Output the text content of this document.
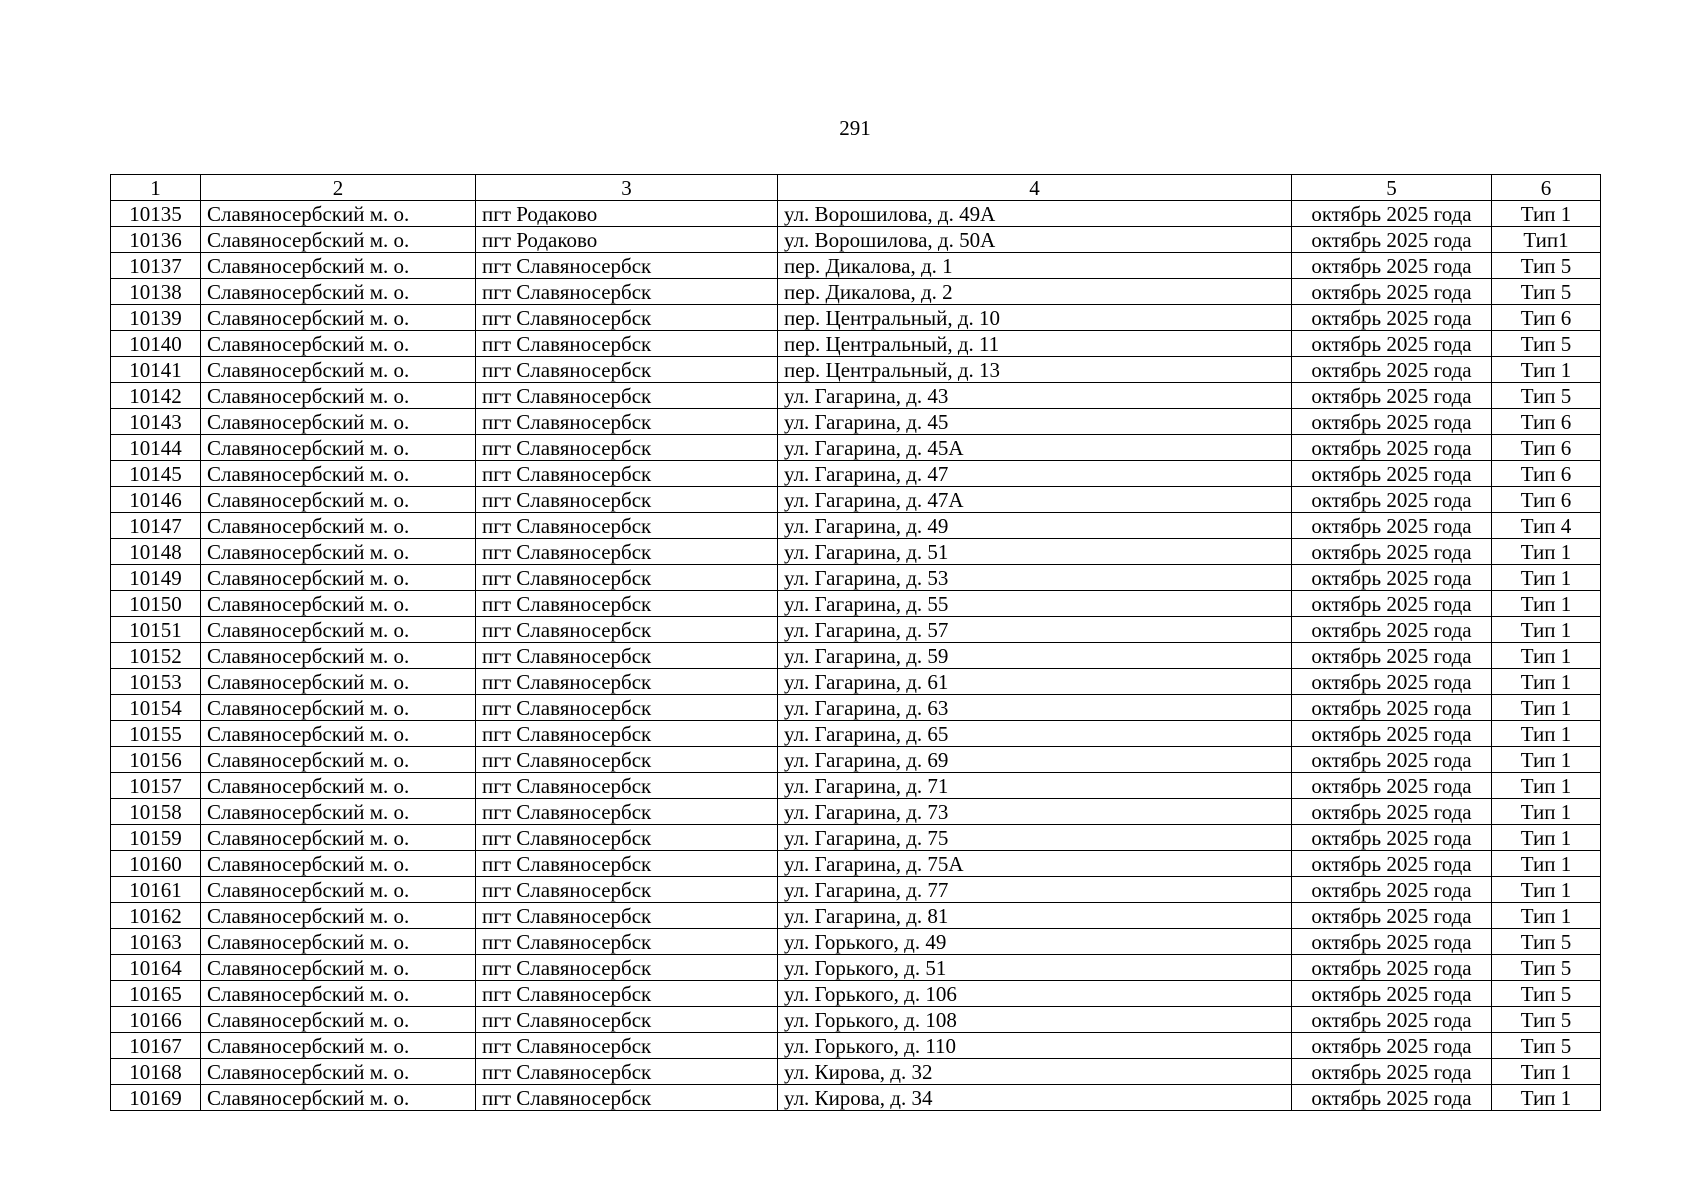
291
1	2	3	4	5	6
10135	Славяносербский м. о.	пгт Родаково	ул. Ворошилова, д. 49А	октябрь 2025 года	Тип 1
10136	Славяносербский м. о.	пгт Родаково	ул. Ворошилова, д. 50А	октябрь 2025 года	Тип1
10137	Славяносербский м. о.	пгт Славяносербск	пер. Дикалова, д. 1	октябрь 2025 года	Тип 5
10138	Славяносербский м. о.	пгт Славяносербск	пер. Дикалова, д. 2	октябрь 2025 года	Тип 5
10139	Славяносербский м. о.	пгт Славяносербск	пер. Центральный, д. 10	октябрь 2025 года	Тип 6
10140	Славяносербский м. о.	пгт Славяносербск	пер. Центральный, д. 11	октябрь 2025 года	Тип 5
10141	Славяносербский м. о.	пгт Славяносербск	пер. Центральный, д. 13	октябрь 2025 года	Тип 1
10142	Славяносербский м. о.	пгт Славяносербск	ул. Гагарина, д. 43	октябрь 2025 года	Тип 5
10143	Славяносербский м. о.	пгт Славяносербск	ул. Гагарина, д. 45	октябрь 2025 года	Тип 6
10144	Славяносербский м. о.	пгт Славяносербск	ул. Гагарина, д. 45А	октябрь 2025 года	Тип 6
10145	Славяносербский м. о.	пгт Славяносербск	ул. Гагарина, д. 47	октябрь 2025 года	Тип 6
10146	Славяносербский м. о.	пгт Славяносербск	ул. Гагарина, д. 47А	октябрь 2025 года	Тип 6
10147	Славяносербский м. о.	пгт Славяносербск	ул. Гагарина, д. 49	октябрь 2025 года	Тип 4
10148	Славяносербский м. о.	пгт Славяносербск	ул. Гагарина, д. 51	октябрь 2025 года	Тип 1
10149	Славяносербский м. о.	пгт Славяносербск	ул. Гагарина, д. 53	октябрь 2025 года	Тип 1
10150	Славяносербский м. о.	пгт Славяносербск	ул. Гагарина, д. 55	октябрь 2025 года	Тип 1
10151	Славяносербский м. о.	пгт Славяносербск	ул. Гагарина, д. 57	октябрь 2025 года	Тип 1
10152	Славяносербский м. о.	пгт Славяносербск	ул. Гагарина, д. 59	октябрь 2025 года	Тип 1
10153	Славяносербский м. о.	пгт Славяносербск	ул. Гагарина, д. 61	октябрь 2025 года	Тип 1
10154	Славяносербский м. о.	пгт Славяносербск	ул. Гагарина, д. 63	октябрь 2025 года	Тип 1
10155	Славяносербский м. о.	пгт Славяносербск	ул. Гагарина, д. 65	октябрь 2025 года	Тип 1
10156	Славяносербский м. о.	пгт Славяносербск	ул. Гагарина, д. 69	октябрь 2025 года	Тип 1
10157	Славяносербский м. о.	пгт Славяносербск	ул. Гагарина, д. 71	октябрь 2025 года	Тип 1
10158	Славяносербский м. о.	пгт Славяносербск	ул. Гагарина, д. 73	октябрь 2025 года	Тип 1
10159	Славяносербский м. о.	пгт Славяносербск	ул. Гагарина, д. 75	октябрь 2025 года	Тип 1
10160	Славяносербский м. о.	пгт Славяносербск	ул. Гагарина, д. 75А	октябрь 2025 года	Тип 1
10161	Славяносербский м. о.	пгт Славяносербск	ул. Гагарина, д. 77	октябрь 2025 года	Тип 1
10162	Славяносербский м. о.	пгт Славяносербск	ул. Гагарина, д. 81	октябрь 2025 года	Тип 1
10163	Славяносербский м. о.	пгт Славяносербск	ул. Горького, д. 49	октябрь 2025 года	Тип 5
10164	Славяносербский м. о.	пгт Славяносербск	ул. Горького, д. 51	октябрь 2025 года	Тип 5
10165	Славяносербский м. о.	пгт Славяносербск	ул. Горького, д. 106	октябрь 2025 года	Тип 5
10166	Славяносербский м. о.	пгт Славяносербск	ул. Горького, д. 108	октябрь 2025 года	Тип 5
10167	Славяносербский м. о.	пгт Славяносербск	ул. Горького, д. 110	октябрь 2025 года	Тип 5
10168	Славяносербский м. о.	пгт Славяносербск	ул. Кирова, д. 32	октябрь 2025 года	Тип 1
10169	Славяносербский м. о.	пгт Славяносербск	ул. Кирова, д. 34	октябрь 2025 года	Тип 1
